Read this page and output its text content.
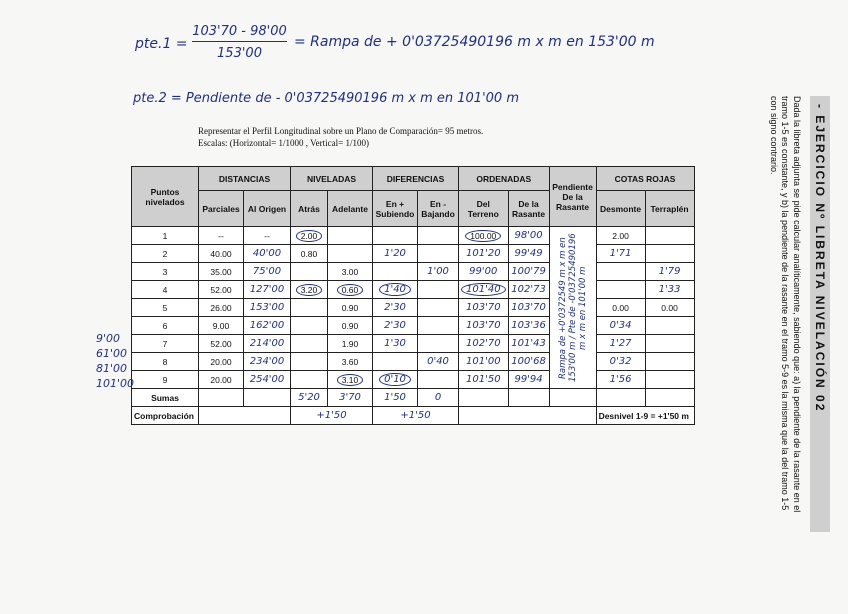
$pte.1 = \frac{103'70 - 98'00}{153'00}$ = Rampa de + 0'0372549019​6 m x m en 153'00 m
pte.2 = Pendiente de - 0'03725490196 m x m en 101'00 m
Representar el Perfil Longitudinal sobre un Plano de Comparación= 95 metros.
Escalas: (Horizontal= 1/1000 , Vertical= 1/100)
Puntos nivelados	DISTANCIAS		NIVELADAS		DIFERENCIAS		ORDENADAS		Pendiente De la Rasante	COTAS ROJAS	
	Parciales	Al Origen	Atrás	Adelante	En + Subiendo	En - Bajando	Del Terreno	De la Rasante		Desmonte	Terraplén
1	--	--	2.00				100.00	98'00	Rampa de +0'0372549 m x m en 153'00 m / Pte de -0'03725490196 m x m en 101'00 m	2.00	
2	40.00	40'00	0.80		1'20		101'20	99'49		1'71	
3	35.00	75'00		3.00		1'00	99'00	100'79			1'79
4	52.00	127'00	3.20	0.60	1'40		101'40	102'73			1'33
5	26.00	153'00		0.90	2'30		103'70	103'70		0.00	0.00
6	9.00	162'00		0.90	2'30		103'70	103'36		0'34	
7	52.00	214'00		1.90	1'30		102'70	101'43		1'27	
8	20.00	234'00		3.60		0'40	101'00	100'68		0'32	
9	20.00	254'00		3.10	0'10		101'50	99'94		1'56	
Sumas			5'20	3'70	1'50	0					
Comprobación			+1'50		+1'50					Desnivel 1-9 = +1'50 m	
9'00
61'00
81'00
101'00	- EJERCICIO Nº LIBRETA NIVELACIÓN 02
Dada la libreta adjunta se pide calcular analíticamente, sabiendo que: a) la pendiente de la rasante en el tramo 1-5 es constante, y b) la pendiente de la rasante en el tramo 5-9 es la misma que la del tramo 1-5 con signo contrario.
